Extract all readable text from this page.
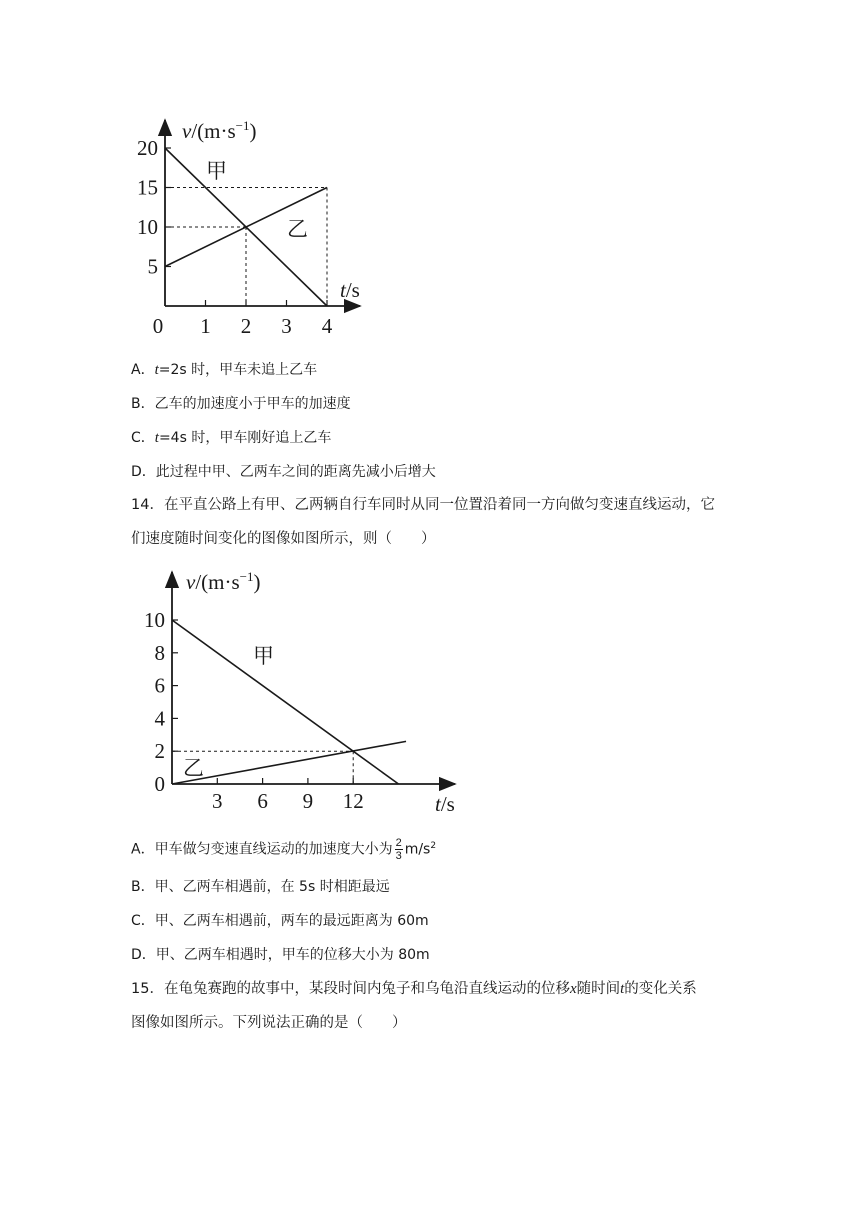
0 1 2 3 4
5
10
15
20
$v/(m\cdot s^{-1})$
t/s
甲
乙
A．t=2s 时，甲车未追上乙车
B．乙车的加速度小于甲车的加速度
C．t=4s 时，甲车刚好追上乙车
D．此过程中甲、乙两车之间的距离先减小后增大
14．在平直公路上有甲、乙两辆自行车同时从同一位置沿着同一方向做匀变速直线运动，它
们速度随时间变化的图像如图所示，则（　　）
3 6 9 12
0
2
4
6
8
10
$v/(m\cdot s^{-1})$
t/s
甲
乙
A．甲车做匀变速直线运动的加速度大小为 $\frac{2}{3} m/s^2$
B．甲、乙两车相遇前，在 5s 时相距最远
C．甲、乙两车相遇前，两车的最远距离为 60m
D．甲、乙两车相遇时，甲车的位移大小为 80m
15．在龟兔赛跑的故事中，某段时间内兔子和乌龟沿直线运动的位移x随时间t的变化关系
图像如图所示。下列说法正确的是（　　）
